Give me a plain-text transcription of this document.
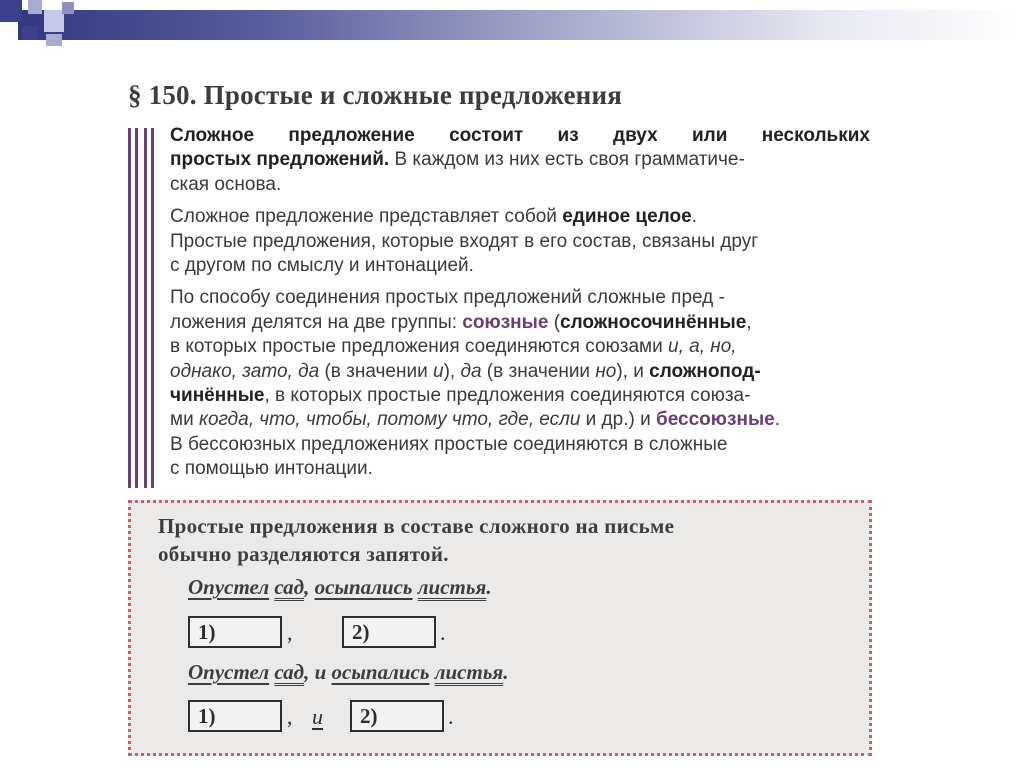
§ 150. Простые и сложные предложения

Сложное предложение состоит из двух или нескольких
простых предложений. В каждом из них есть своя грамматиче-
ская основа.

Сложное предложение представляет собой единое целое.
Простые предложения, которые входят в его состав, связаны друг
с другом по смыслу и интонацией.

По способу соединения простых предложений сложные пред -
ложения делятся на две группы: союзные (сложносочинённые,
в которых простые предложения соединяются союзами и, а, но,
однако, зато, да (в значении и), да (в значении но), и сложнопод-
чинённые, в которых простые предложения соединяются союза-
ми когда, что, чтобы, потому что, где, если и др.) и бессоюзные.
В бессоюзных предложениях простые соединяются в сложные
с помощью интонации.

Простые предложения в составе сложного на письме
обычно разделяются запятой.
Опустел сад, осыпались листья.
1)	,	2)	.
Опустел сад, и осыпались листья.
1)	, и	2)	.
